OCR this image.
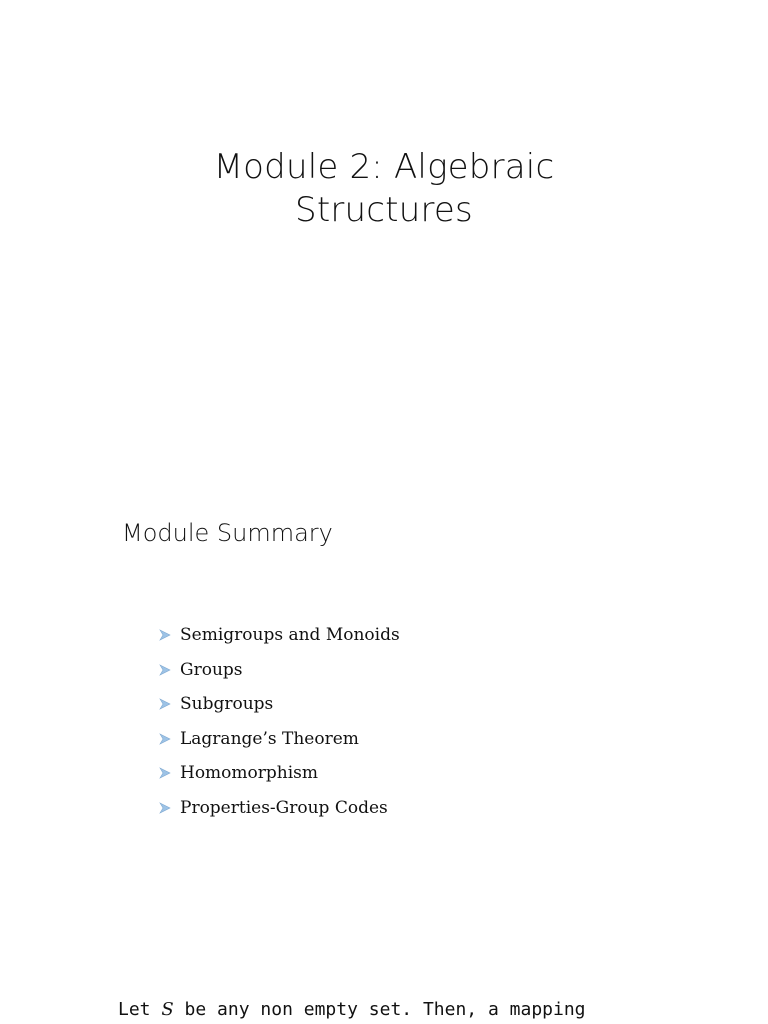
Module 2: Algebraic
Structures
Module Summary
Semigroups and Monoids
Groups
Subgroups
Lagrange’s Theorem
Homomorphism
Properties-Group Codes
Let S be any non empty set. Then, a mapping
